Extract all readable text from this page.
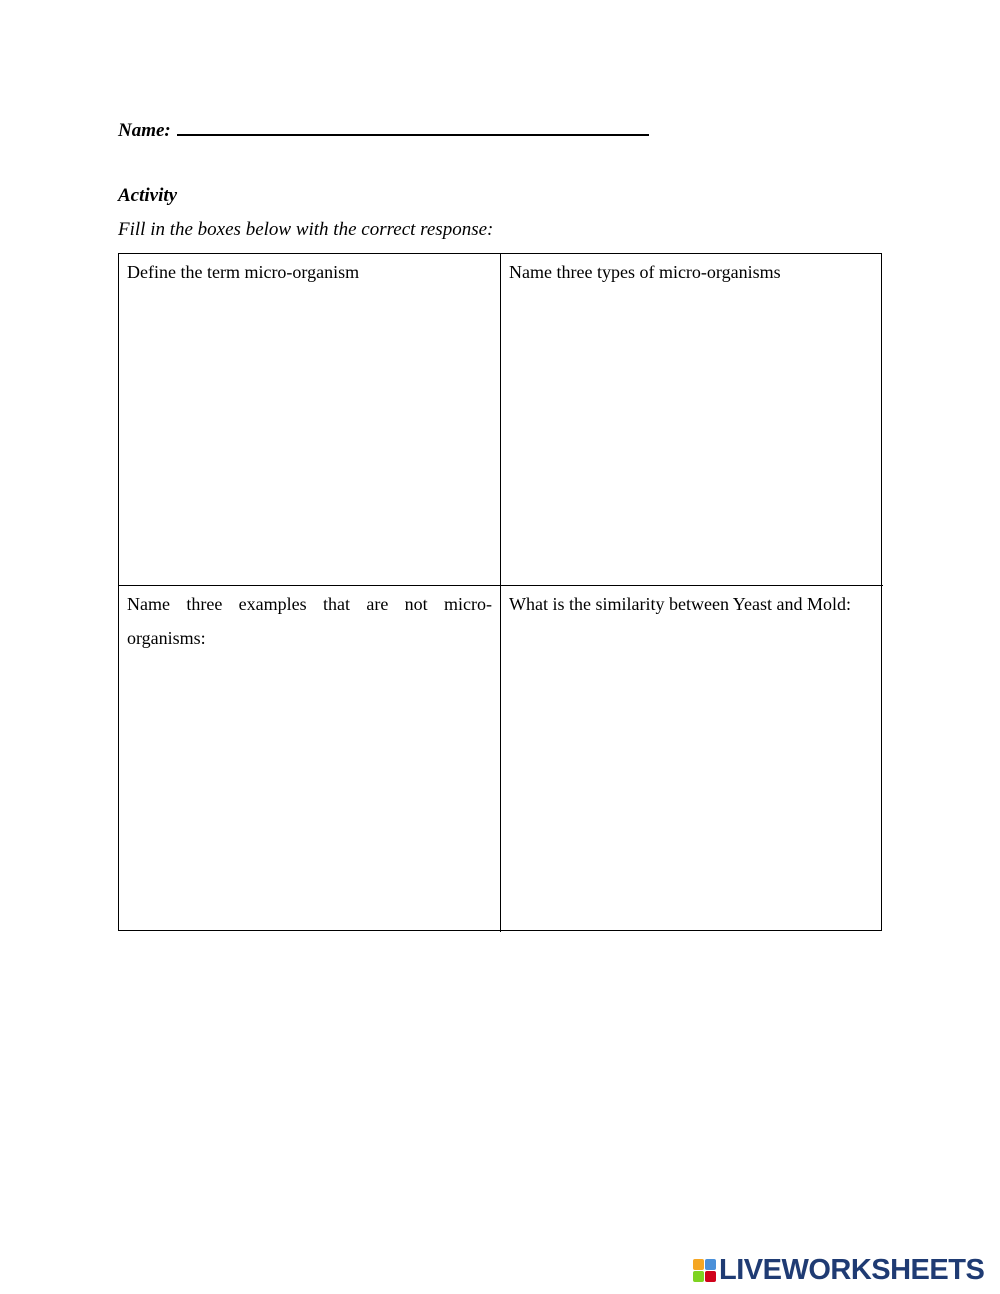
Name:
Activity
Fill in the boxes below with the correct response:
Define the term micro-organism	Name three types of micro-organisms
Name three examples that are not micro-organisms:
What is the similarity between Yeast and Mold:
LIVEWORKSHEETS
